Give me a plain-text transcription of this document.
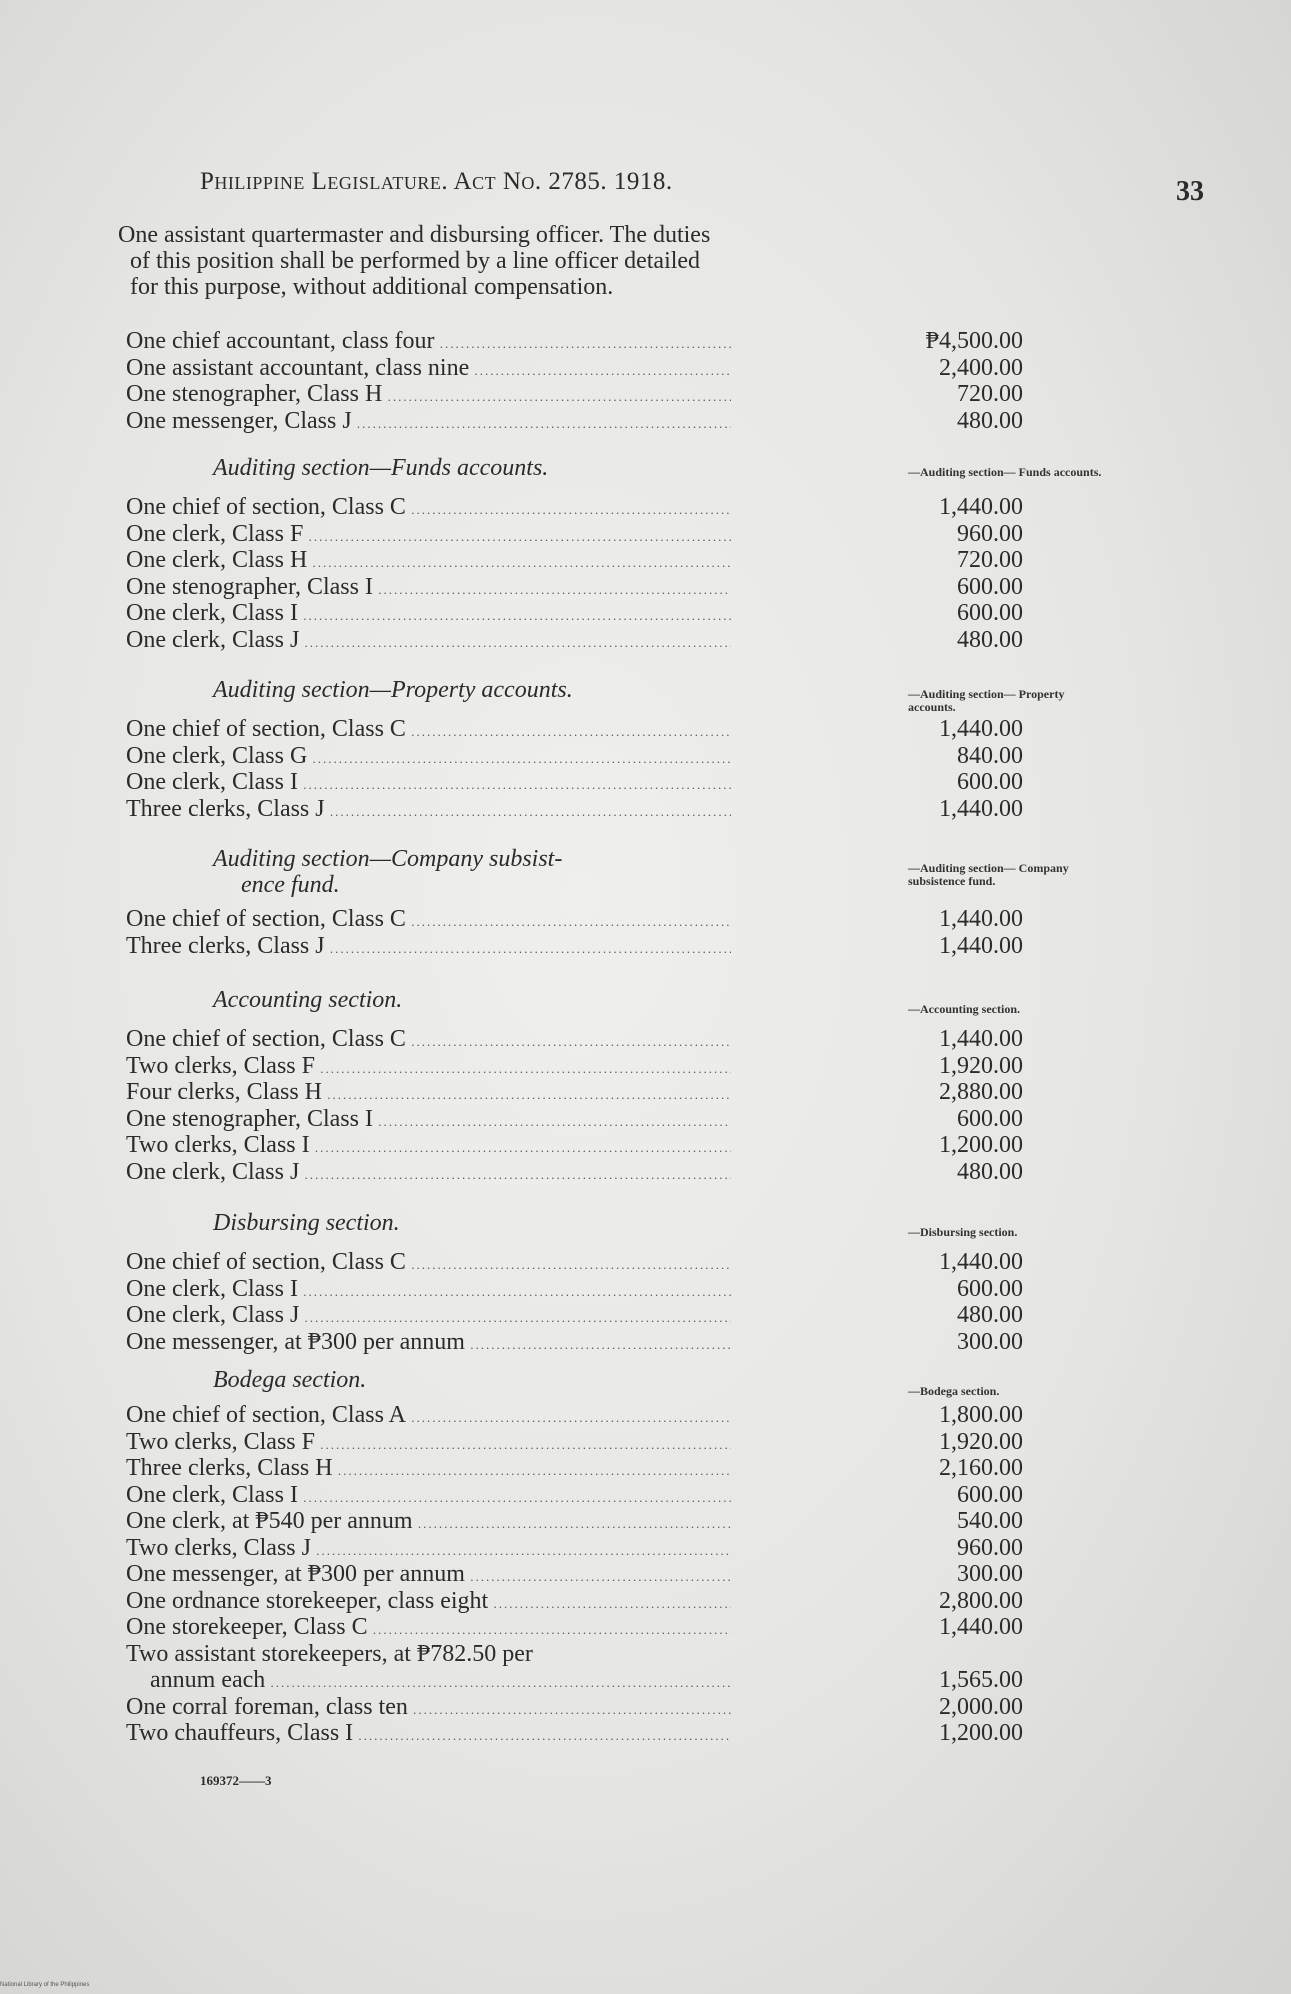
Philippine Legislature. Act No. 2785. 1918.	33
One assistant quartermaster and disbursing officer. The duties of this position shall be performed by a line officer detailed for this purpose, without additional compensation.
One chief accountant, class four .....	₱4,500.00
One assistant accountant, class nine .....	2,400.00
One stenographer, Class H .....	720.00
One messenger, Class J .....	480.00
—Auditing section— Funds accounts.
Auditing section—Funds accounts.
One chief of section, Class C .....	1,440.00
One clerk, Class F .....	960.00
One clerk, Class H .....	720.00
One stenographer, Class I .....	600.00
One clerk, Class I .....	600.00
One clerk, Class J .....	480.00
—Auditing section— Property accounts.
Auditing section—Property accounts.
One chief of section, Class C .....	1,440.00
One clerk, Class G .....	840.00
One clerk, Class I .....	600.00
Three clerks, Class J .....	1,440.00
—Auditing section— Company subsistence fund.
Auditing section—Company subsist-
ence fund.
One chief of section, Class C .....	1,440.00
Three clerks, Class J .....	1,440.00
—Accounting section.
Accounting section.
One chief of section, Class C .....	1,440.00
Two clerks, Class F .....	1,920.00
Four clerks, Class H .....	2,880.00
One stenographer, Class I .....	600.00
Two clerks, Class I .....	1,200.00
One clerk, Class J .....	480.00
—Disbursing section.
Disbursing section.
One chief of section, Class C .....	1,440.00
One clerk, Class I .....	600.00
One clerk, Class J .....	480.00
One messenger, at ₱300 per annum .....	300.00
—Bodega section.
Bodega section.
One chief of section, Class A .....	1,800.00
Two clerks, Class F .....	1,920.00
Three clerks, Class H .....	2,160.00
One clerk, Class I .....	600.00
One clerk, at ₱540 per annum .....	540.00
Two clerks, Class J .....	960.00
One messenger, at ₱300 per annum .....	300.00
One ordnance storekeeper, class eight .....	2,800.00
One storekeeper, Class C .....	1,440.00
Two assistant storekeepers, at ₱782.50 per
annum each .....	1,565.00
One corral foreman, class ten .....	2,000.00
Two chauffeurs, Class I .....	1,200.00
169372——3
National Library of the Philippines
